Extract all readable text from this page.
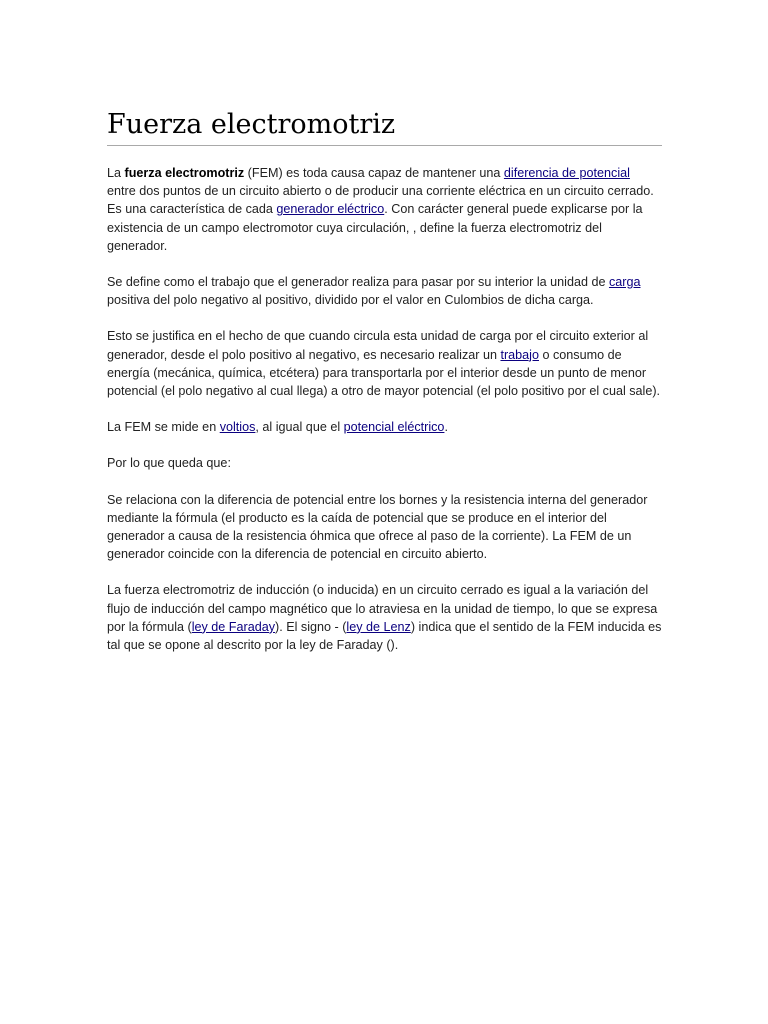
Fuerza electromotriz

La fuerza electromotriz (FEM) es toda causa capaz de mantener una diferencia de potencial entre dos puntos de un circuito abierto o de producir una corriente eléctrica en un circuito cerrado. Es una característica de cada generador eléctrico. Con carácter general puede explicarse por la existencia de un campo electromotor cuya circulación, , define la fuerza electromotriz del generador.

Se define como el trabajo que el generador realiza para pasar por su interior la unidad de carga positiva del polo negativo al positivo, dividido por el valor en Culombios de dicha carga.

Esto se justifica en el hecho de que cuando circula esta unidad de carga por el circuito exterior al generador, desde el polo positivo al negativo, es necesario realizar un trabajo o consumo de energía (mecánica, química, etcétera) para transportarla por el interior desde un punto de menor potencial (el polo negativo al cual llega) a otro de mayor potencial (el polo positivo por el cual sale).

La FEM se mide en voltios, al igual que el potencial eléctrico.

Por lo que queda que:

Se relaciona con la diferencia de potencial entre los bornes y la resistencia interna del generador mediante la fórmula (el producto es la caída de potencial que se produce en el interior del generador a causa de la resistencia óhmica que ofrece al paso de la corriente). La FEM de un generador coincide con la diferencia de potencial en circuito abierto.

La fuerza electromotriz de inducción (o inducida) en un circuito cerrado es igual a la variación del flujo de inducción del campo magnético que lo atraviesa en la unidad de tiempo, lo que se expresa por la fórmula (ley de Faraday). El signo - (ley de Lenz) indica que el sentido de la FEM inducida es tal que se opone al descrito por la ley de Faraday ().
